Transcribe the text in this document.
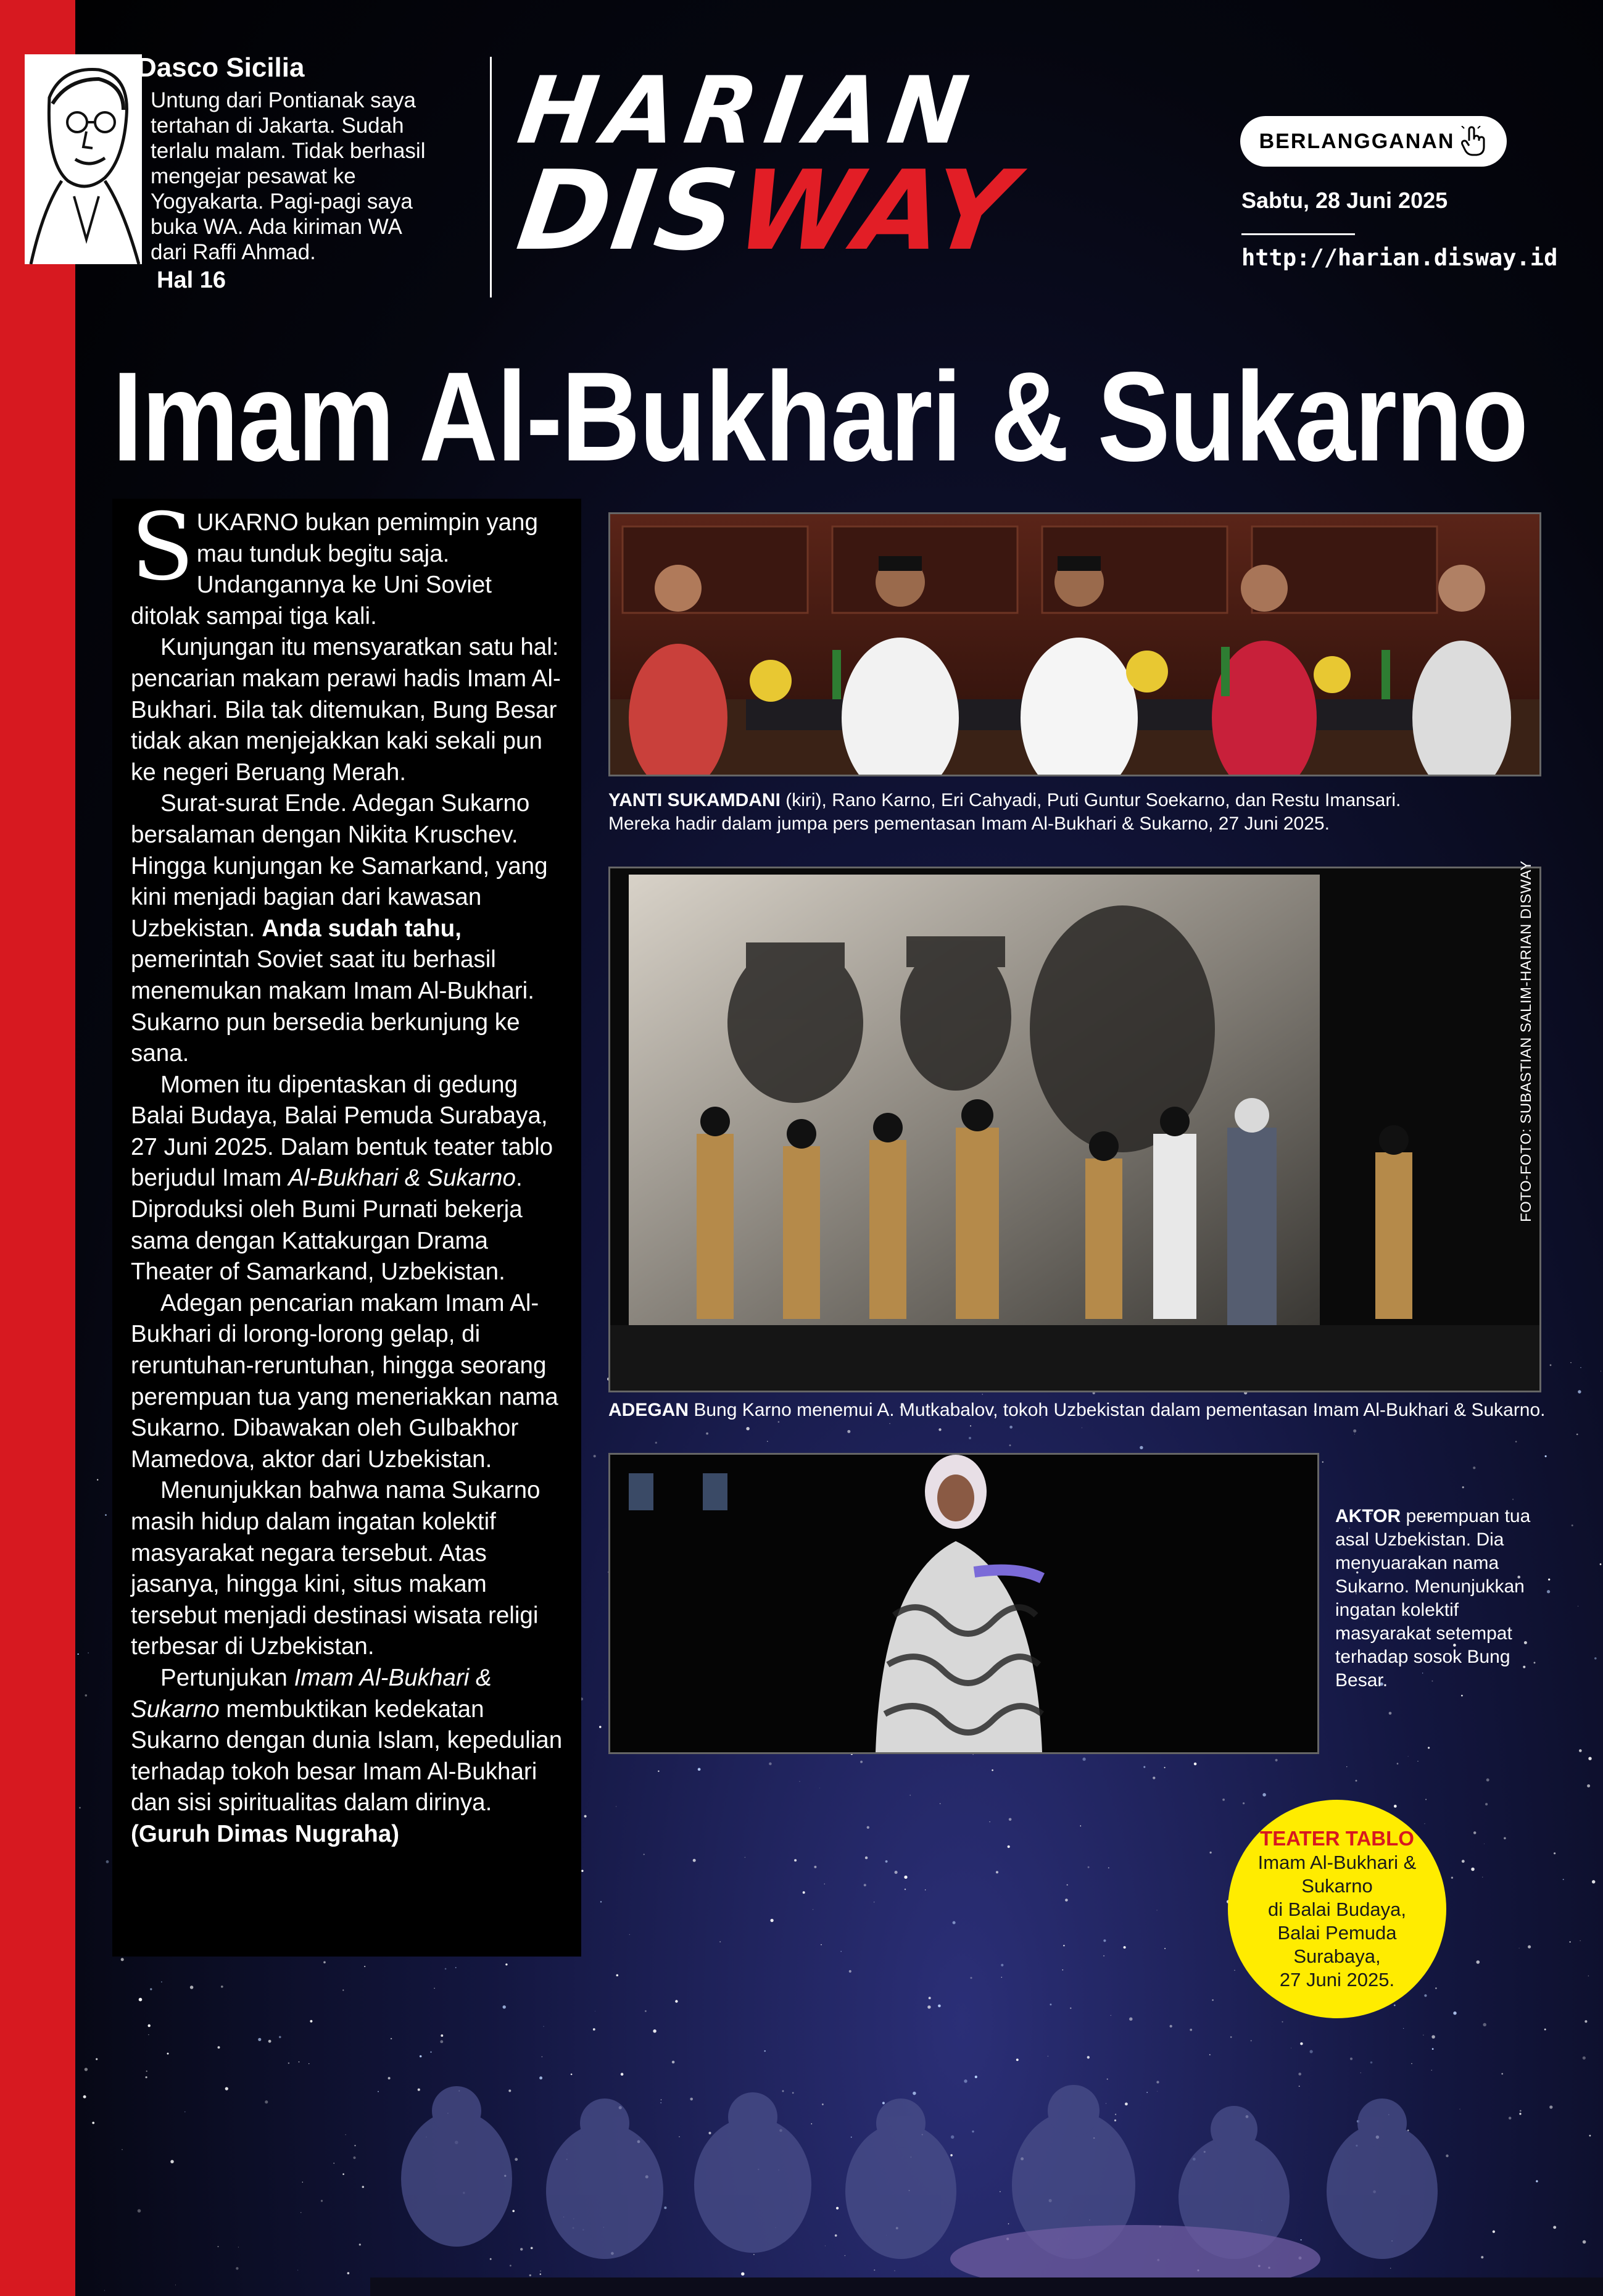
Dasco Sicilia
Untung dari Pontianak saya
tertahan di Jakarta. Sudah
terlalu malam. Tidak berhasil
mengejar pesawat ke
Yogyakarta. Pagi-pagi saya
buka WA. Ada kiriman WA
dari Raffi Ahmad.
Hal 16
HARIAN
DISWAY
BERLANGGANAN
Sabtu, 28 Juni 2025
http://harian.disway.id
Imam Al-Bukhari & Sukarno

SUKARNO bukan pemimpin yang mau tunduk begitu saja. Undangannya ke Uni Soviet ditolak sampai tiga kali.

Kunjungan itu mensyaratkan satu hal: pencarian makam perawi hadis Imam Al-Bukhari. Bila tak ditemukan, Bung Besar tidak akan menjejakkan kaki sekali pun ke negeri Beruang Merah.

Surat-surat Ende. Adegan Sukarno bersalaman dengan Nikita Kruschev. Hingga kunjungan ke Samarkand, yang kini menjadi bagian dari kawasan Uzbekistan. Anda sudah tahu, pemerintah Soviet saat itu berhasil menemukan makam Imam Al-Bukhari. Sukarno pun bersedia berkunjung ke sana.

Momen itu dipentaskan di gedung Balai Budaya, Balai Pemuda Surabaya, 27 Juni 2025. Dalam bentuk teater tablo berjudul Imam Al-Bukhari & Sukarno. Diproduksi oleh Bumi Purnati bekerja sama dengan Kattakurgan Drama Theater of Samarkand, Uzbekistan.

Adegan pencarian makam Imam Al-Bukhari di lorong-lorong gelap, di reruntuhan-reruntuhan, hingga seorang perempuan tua yang meneriakkan nama Sukarno. Dibawakan oleh Gulbakhor Mamedova, aktor dari Uzbekistan.

Menunjukkan bahwa nama Sukarno masih hidup dalam ingatan kolektif masyarakat negara tersebut. Atas jasanya, hingga kini, situs makam tersebut menjadi destinasi wisata religi terbesar di Uzbekistan.

Pertunjukan Imam Al-Bukhari & Sukarno membuktikan kedekatan Sukarno dengan dunia Islam, kepedulian terhadap tokoh besar Imam Al-Bukhari dan sisi spiritualitas dalam dirinya. (Guruh Dimas Nugraha)

YANTI SUKAMDANI (kiri), Rano Karno, Eri Cahyadi, Puti Guntur Soekarno, dan Restu Imansari.
Mereka hadir dalam jumpa pers pementasan Imam Al-Bukhari & Sukarno, 27 Juni 2025.
ADEGAN Bung Karno menemui A. Mutkabalov, tokoh Uzbekistan dalam pementasan Imam Al-Bukhari & Sukarno.
FOTO-FOTO: SUBASTIAN SALIM-HARIAN DISWAY
AKTOR perempuan tua asal Uzbekistan. Dia menyuarakan nama Sukarno. Menunjukkan ingatan kolektif masyarakat setempat terhadap sosok Bung Besar.
TEATER TABLO
Imam Al-Bukhari & Sukarno
di Balai Budaya,
Balai Pemuda Surabaya,
27 Juni 2025.
